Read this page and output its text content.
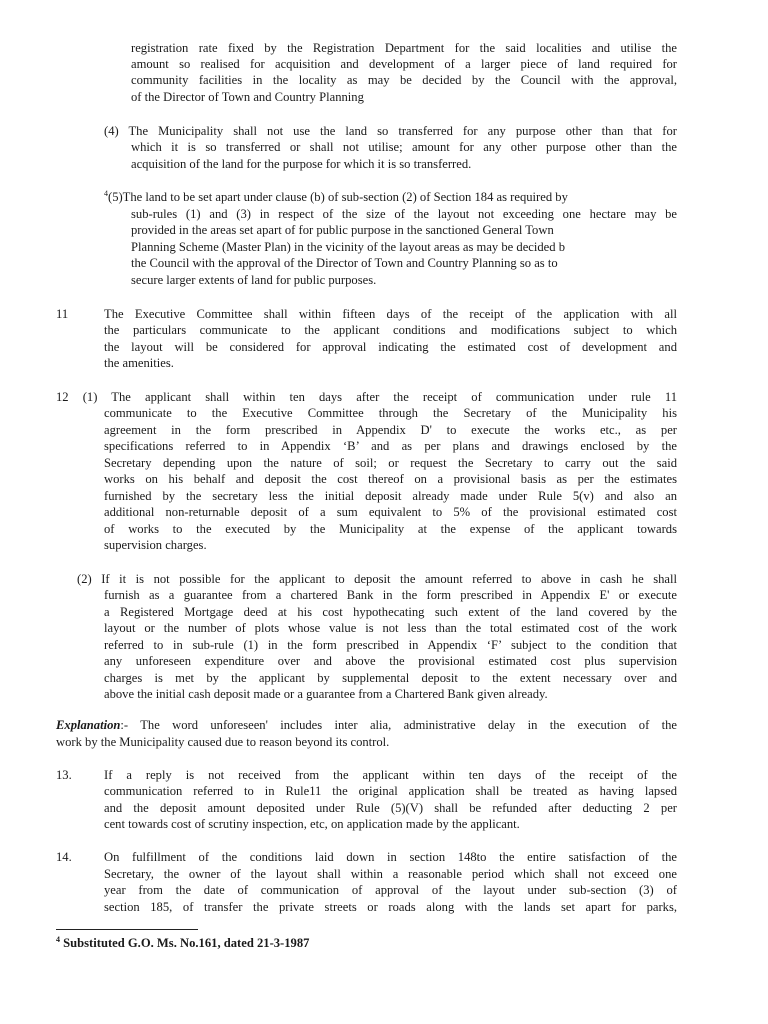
registration rate fixed by the Registration Department for the said localities and utilise the
amount so realised for acquisition and development of a larger piece of land required for
community facilities in the locality as may be decided by the Council with the approval,
of the Director of Town and Country Planning
(4) The Municipality shall not use the land so transferred for any purpose other than that for
which it is so transferred or shall not utilise; amount for any other purpose other than the
acquisition of the land for the purpose for which it is so transferred.
$^4$(5)The land to be set apart under clause (b) of sub-section (2) of Section 184 as required by
sub-rules (1) and (3) in respect of the size of the layout not exceeding one hectare may be
provided in the areas set apart of for public purpose in the sanctioned General Town
Planning Scheme (Master Plan) in the vicinity of the layout areas as may be decided b
the Council with the approval of the Director of Town and Country Planning so as to
secure larger extents of land for public purposes.
11	The Executive Committee shall within fifteen days of the receipt of the application with all
the particulars communicate to the applicant conditions and modifications subject to which
the layout will be considered for approval indicating the estimated cost of development and
the amenities.
12 (1) The applicant shall within ten days after the receipt of communication under rule 11
communicate to the Executive Committee through the Secretary of the Municipality his
agreement in the form prescribed in Appendix D' to execute the works etc., as per
specifications referred to in Appendix ‘B’ and as per plans and drawings enclosed by the
Secretary depending upon the nature of soil; or request the Secretary to carry out the said
works on his behalf and deposit the cost thereof on a provisional basis as per the estimates
furnished by the secretary less the initial deposit already made under Rule 5(v) and also an
additional non-returnable deposit of a sum equivalent to 5% of the provisional estimated cost
of works to the executed by the Municipality at the expense of the applicant towards
supervision charges.
(2) If it is not possible for the applicant to deposit the amount referred to above in cash he shall
furnish as a guarantee from a chartered Bank in the form prescribed in Appendix E' or execute
a Registered Mortgage deed at his cost hypothecating such extent of the land covered by the
layout or the number of plots whose value is not less than the total estimated cost of the work
referred to in sub-rule (1) in the form prescribed in Appendix ‘F’ subject to the condition that
any unforeseen expenditure over and above the provisional estimated cost plus supervision
charges is met by the applicant by supplemental deposit to the extent necessary over and
above the initial cash deposit made or a guarantee from a Chartered Bank given already.
Explanation:- The word unforeseen' includes inter alia, administrative delay in the execution of the
work by the Municipality caused due to reason beyond its control.
13.	If a reply is not received from the applicant within ten days of the receipt of the
communication referred to in Rule11 the original application shall be treated as having lapsed
and the deposit amount deposited under Rule (5)(V) shall be refunded after deducting 2 per
cent towards cost of scrutiny inspection, etc, on application made by the applicant.
14.	On fulfillment of the conditions laid down in section 148to the entire satisfaction of the
Secretary, the owner of the layout shall within a reasonable period which shall not exceed one
year from the date of communication of approval of the layout under sub-section (3) of
section 185, of transfer the private streets or roads along with the lands set apart for parks,
$^4$ Substituted G.O. Ms. No.161, dated 21-3-1987
